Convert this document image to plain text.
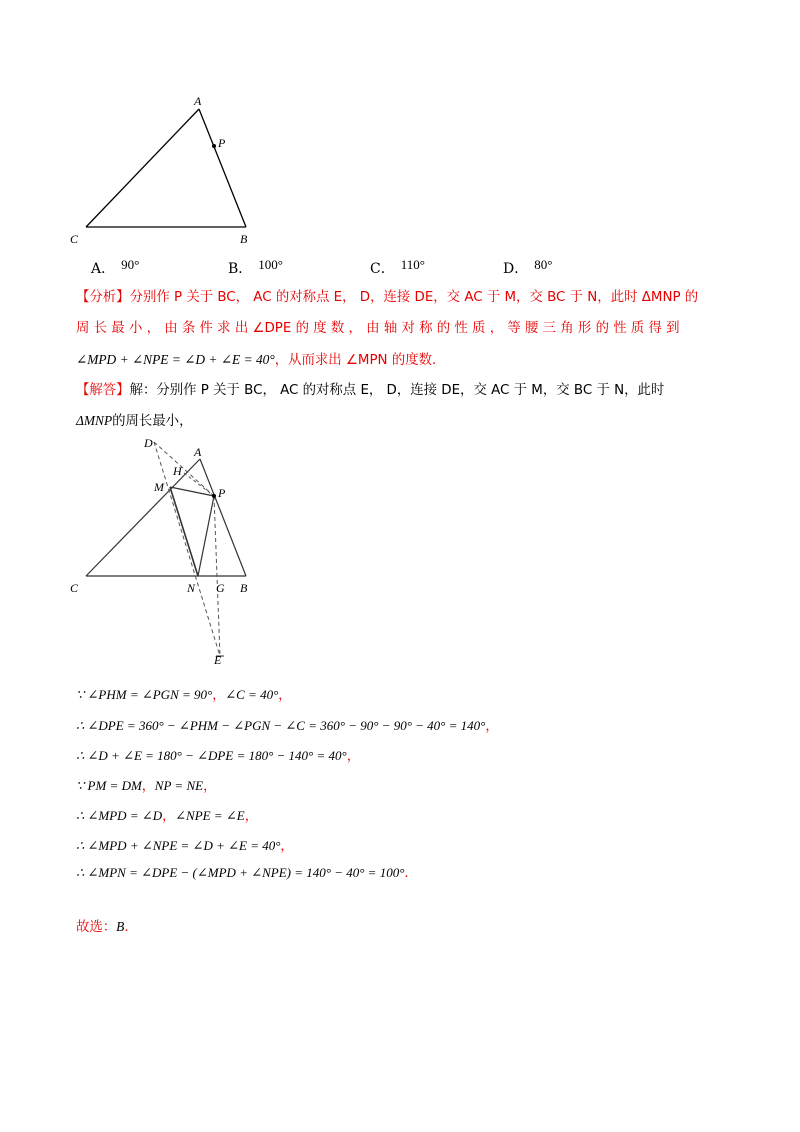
A
P
C	B
A． 90°	B． 100°	C． 110°	D． 80°
【分析】分别作 P 关于 BC， AC 的对称点 E， D，连接 DE，交 AC 于 M，交 BC 于 N，此时 ΔMNP 的
周 长 最 小 ， 由 条 件 求 出 ∠DPE 的 度 数 ， 由 轴 对 称 的 性 质 ， 等 腰 三 角 形 的 性 质 得 到
∠MPD + ∠NPE = ∠D + ∠E = 40°，从而求出 ∠MPN 的度数.
【解答】解：分别作 P 关于 BC， AC 的对称点 E， D，连接 DE，交 AC 于 M，交 BC 于 N，此时
ΔMNP的周长最小，
D
A
H
M	P
C	N G B
E
∵ ∠PHM = ∠PGN = 90°，∠C = 40°，
∴ ∠DPE = 360° − ∠PHM − ∠PGN − ∠C = 360° − 90° − 90° − 40° = 140°，
∴ ∠D + ∠E = 180° − ∠DPE = 180° − 140° = 40°，
∵ PM = DM，NP = NE，
∴ ∠MPD = ∠D，∠NPE = ∠E，
∴ ∠MPD + ∠NPE = ∠D + ∠E = 40°，
∴ ∠MPN = ∠DPE − (∠MPD + ∠NPE) = 140° − 40° = 100°.
故选：B.
